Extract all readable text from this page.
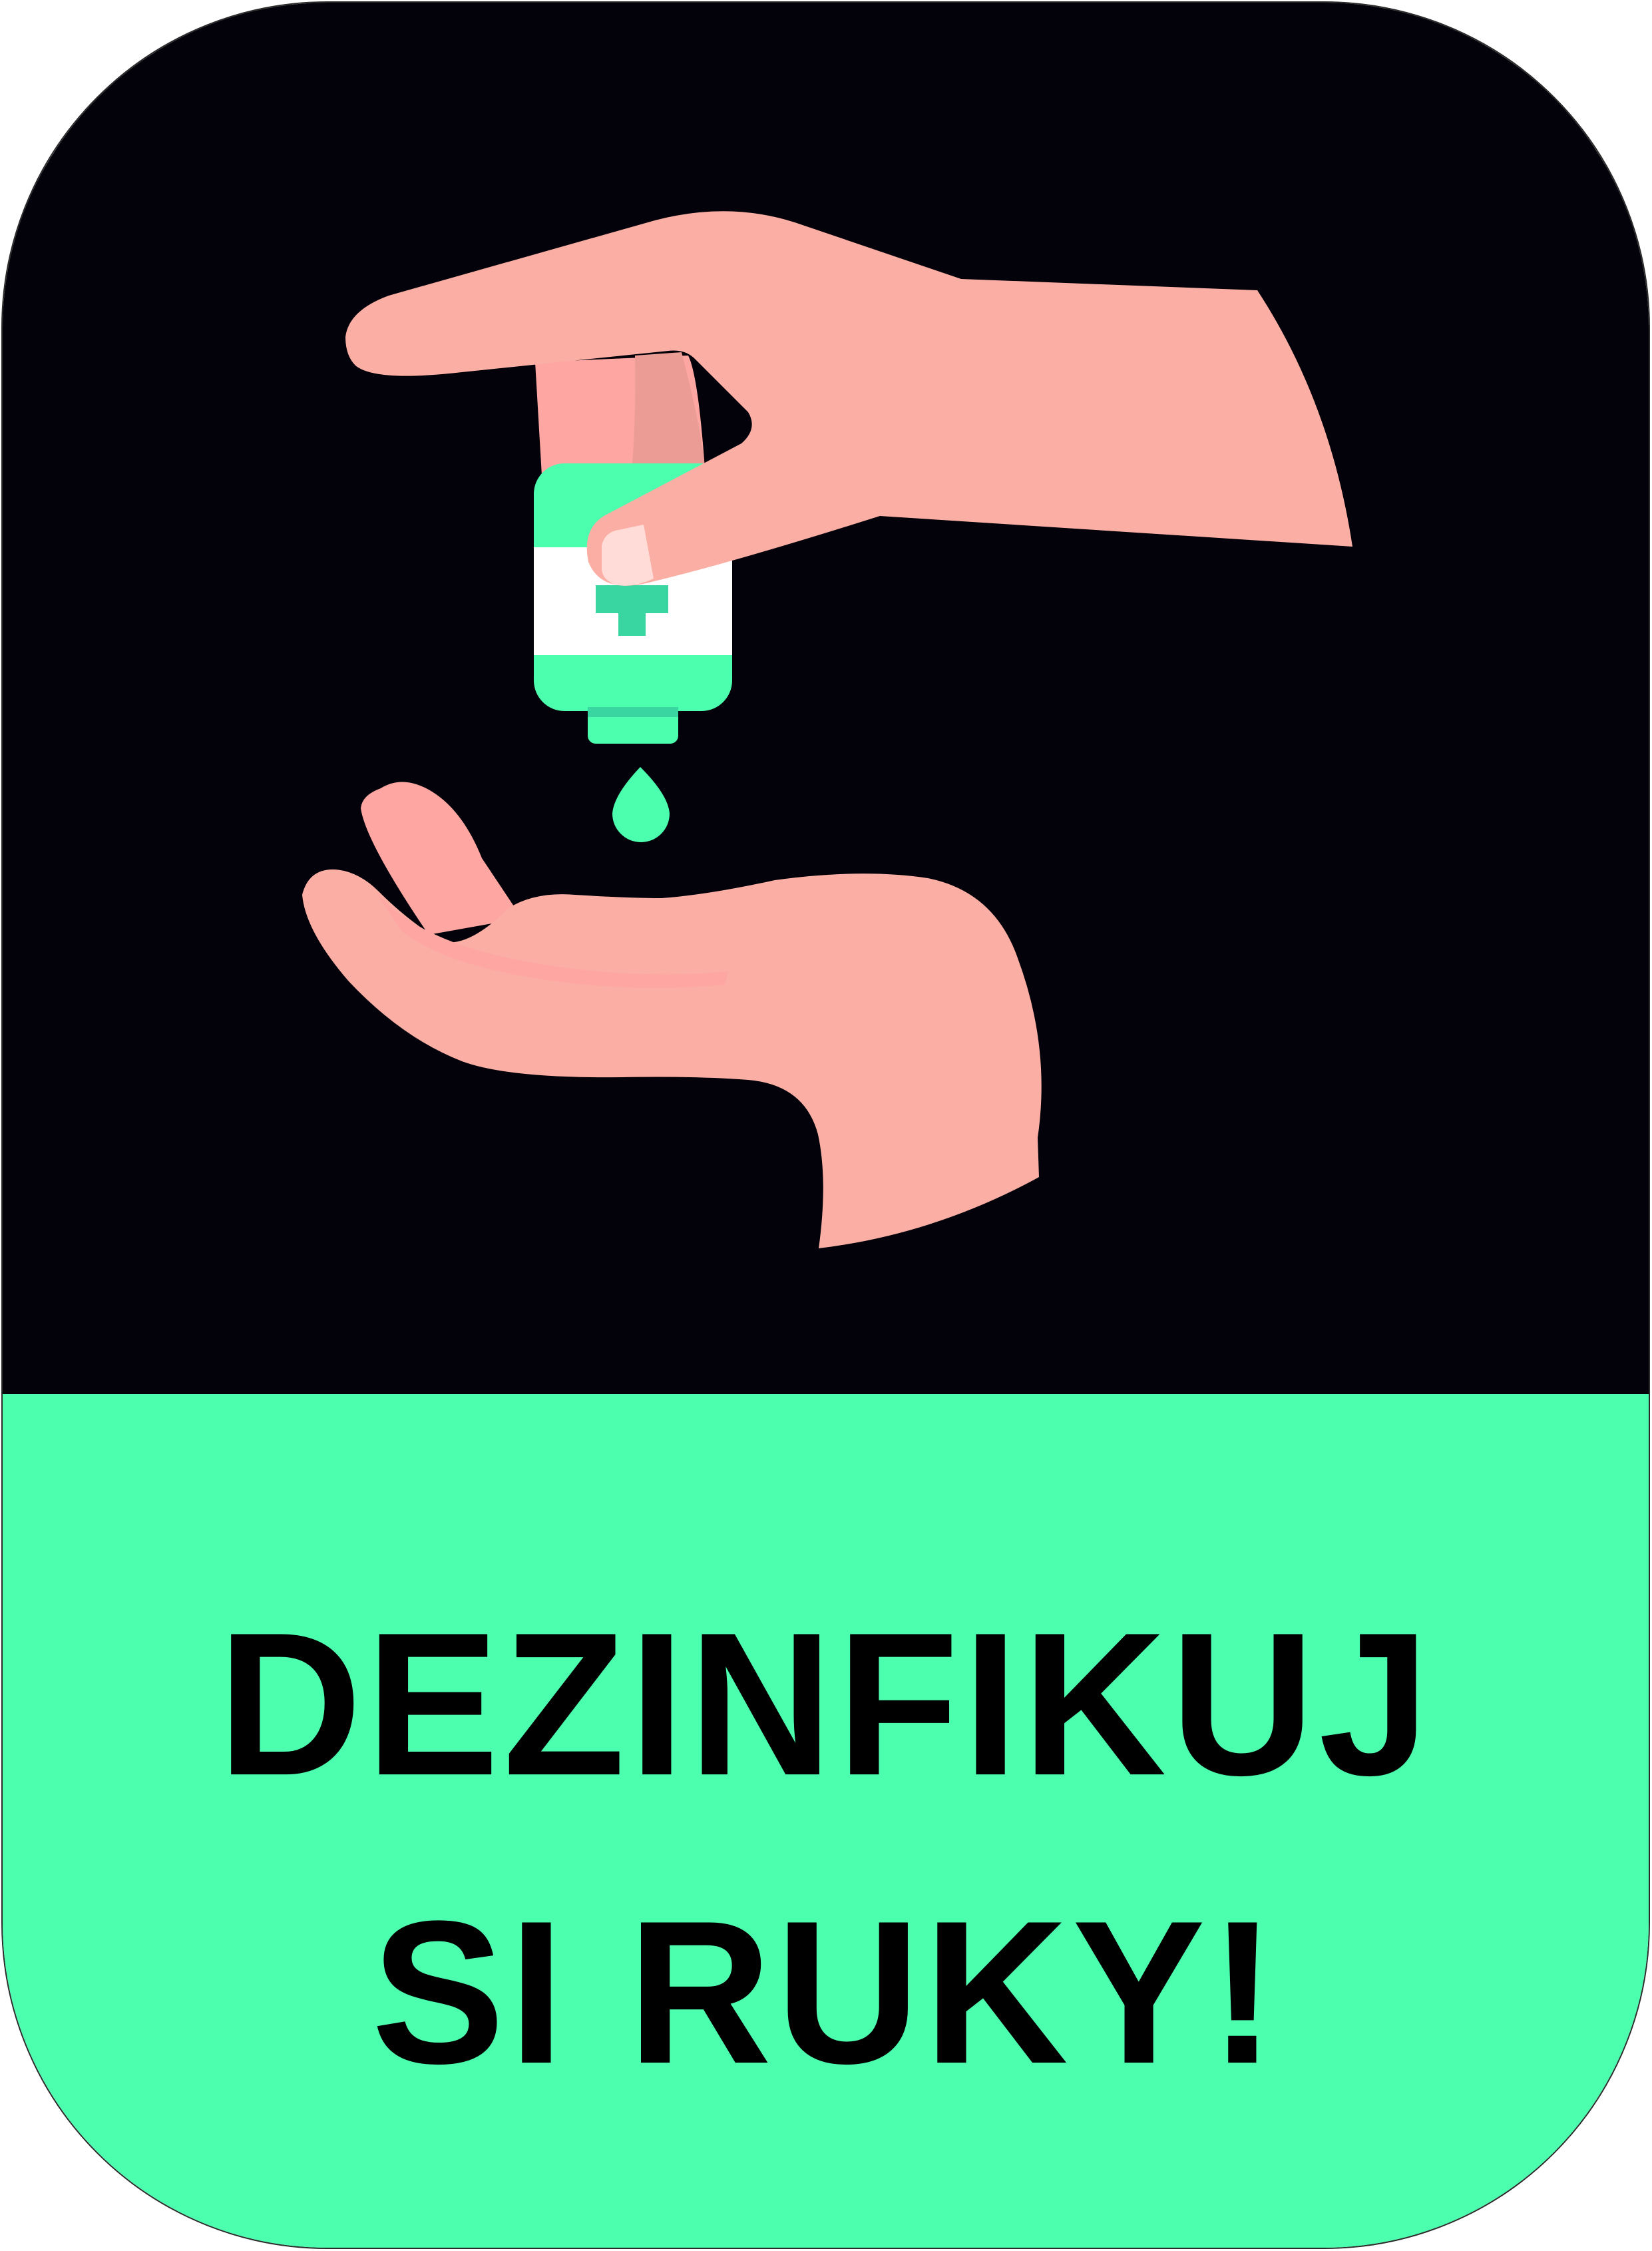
DEZINFIKUJ
SI RUKY!
